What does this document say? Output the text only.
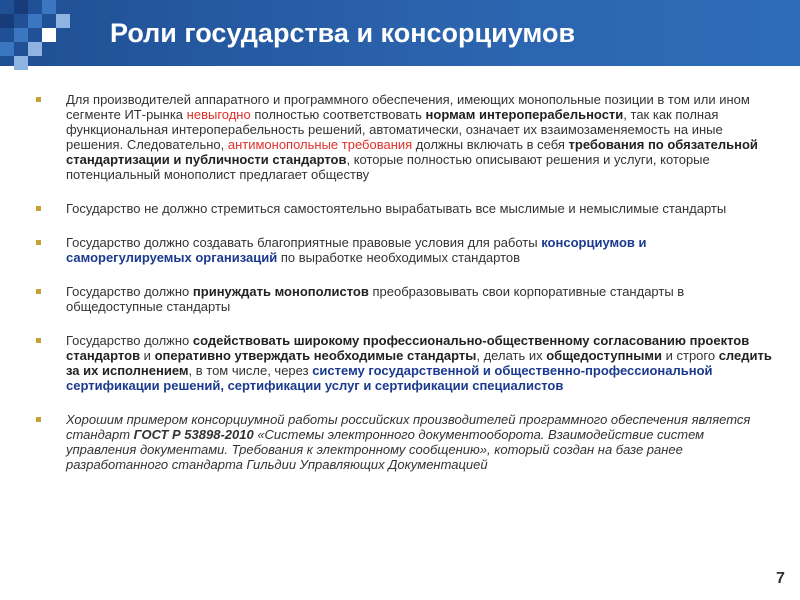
Роли государства и консорциумов
Для производителей аппаратного и программного обеспечения, имеющих монопольные позиции в том или ином сегменте ИТ-рынка невыгодно полностью соответствовать нормам интероперабельности, так как полная функциональная интероперабельность решений, автоматически, означает их взаимозаменяемость на иные решения. Следовательно, антимонопольные требования должны включать в себя требования по обязательной стандартизации и публичности стандартов, которые полностью описывают решения и услуги, которые потенциальный монополист предлагает обществу
Государство не должно стремиться самостоятельно вырабатывать все мыслимые и немыслимые стандарты
Государство должно создавать благоприятные правовые условия для работы консорциумов и саморегулируемых организаций по выработке необходимых стандартов
Государство должно принуждать монополистов преобразовывать свои корпоративные стандарты в общедоступные стандарты
Государство должно содействовать широкому профессионально-общественному согласованию проектов стандартов и оперативно утверждать необходимые стандарты, делать их общедоступными и строго следить за их исполнением, в том числе, через систему государственной и общественно-профессиональной сертификации решений, сертификации услуг и сертификации специалистов
Хорошим примером консорциумной работы российских производителей программного обеспечения является стандарт ГОСТ Р 53898-2010 «Системы электронного документооборота. Взаимодействие систем управления документами. Требования к электронному сообщению», который создан на базе ранее разработанного стандарта Гильдии Управляющих Документацией
7
